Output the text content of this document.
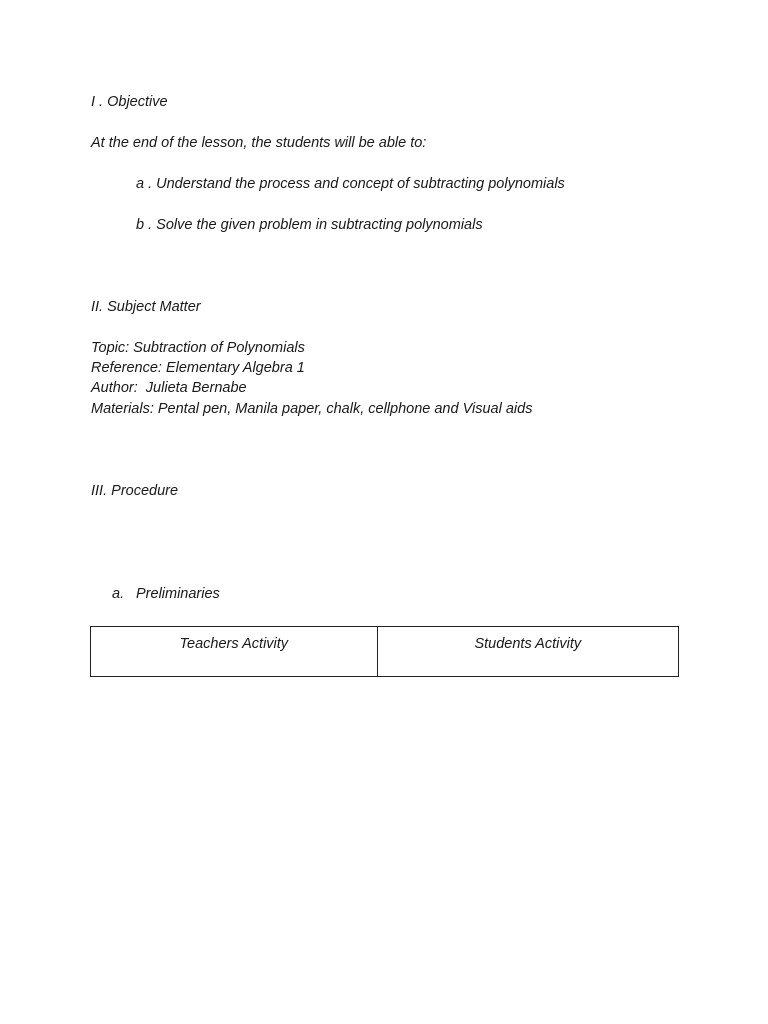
I . Objective
At the end of the lesson, the students will be able to:
a . Understand the process and concept of subtracting polynomials
b . Solve the given problem in subtracting polynomials
II. Subject Matter
Topic: Subtraction of Polynomials
Reference: Elementary Algebra 1
Author:  Julieta Bernabe
Materials: Pental pen, Manila paper, chalk, cellphone and Visual aids
III. Procedure
a. Preliminaries
Teachers Activity	Students Activity
